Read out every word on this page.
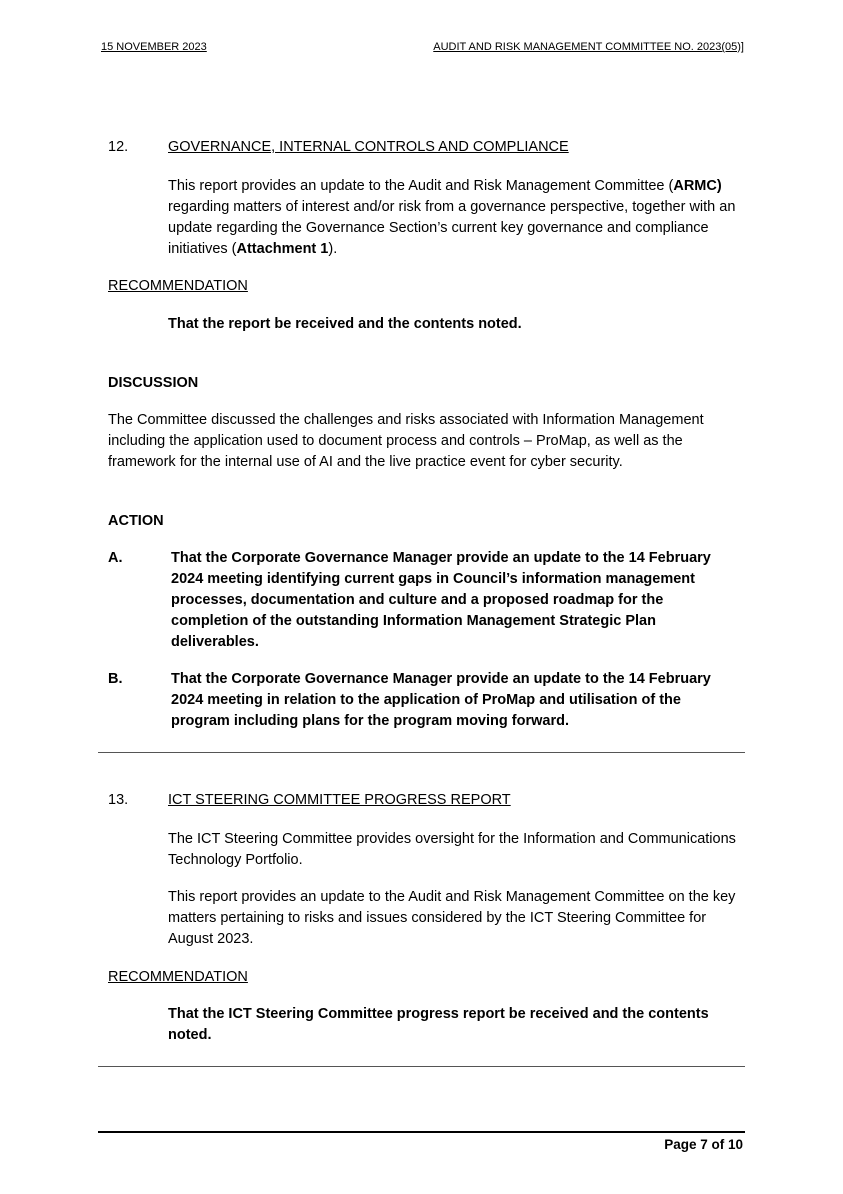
15 NOVEMBER 2023	AUDIT AND RISK MANAGEMENT COMMITTEE NO. 2023(05)]
12.	GOVERNANCE, INTERNAL CONTROLS AND COMPLIANCE
This report provides an update to the Audit and Risk Management Committee (ARMC) regarding matters of interest and/or risk from a governance perspective, together with an update regarding the Governance Section’s current key governance and compliance initiatives (Attachment 1).
RECOMMENDATION
That the report be received and the contents noted.
DISCUSSION
The Committee discussed the challenges and risks associated with Information Management including the application used to document process and controls – ProMap, as well as the framework for the internal use of AI and the live practice event for cyber security.
ACTION
A.	That the Corporate Governance Manager provide an update to the 14 February 2024 meeting identifying current gaps in Council’s information management processes, documentation and culture and a proposed roadmap for the completion of the outstanding Information Management Strategic Plan deliverables.
B.	That the Corporate Governance Manager provide an update to the 14 February 2024 meeting in relation to the application of ProMap and utilisation of the program including plans for the program moving forward.
13.	ICT STEERING COMMITTEE PROGRESS REPORT
The ICT Steering Committee provides oversight for the Information and Communications Technology Portfolio.
This report provides an update to the Audit and Risk Management Committee on the key matters pertaining to risks and issues considered by the ICT Steering Committee for August 2023.
RECOMMENDATION
That the ICT Steering Committee progress report be received and the contents noted.
Page 7 of 10
